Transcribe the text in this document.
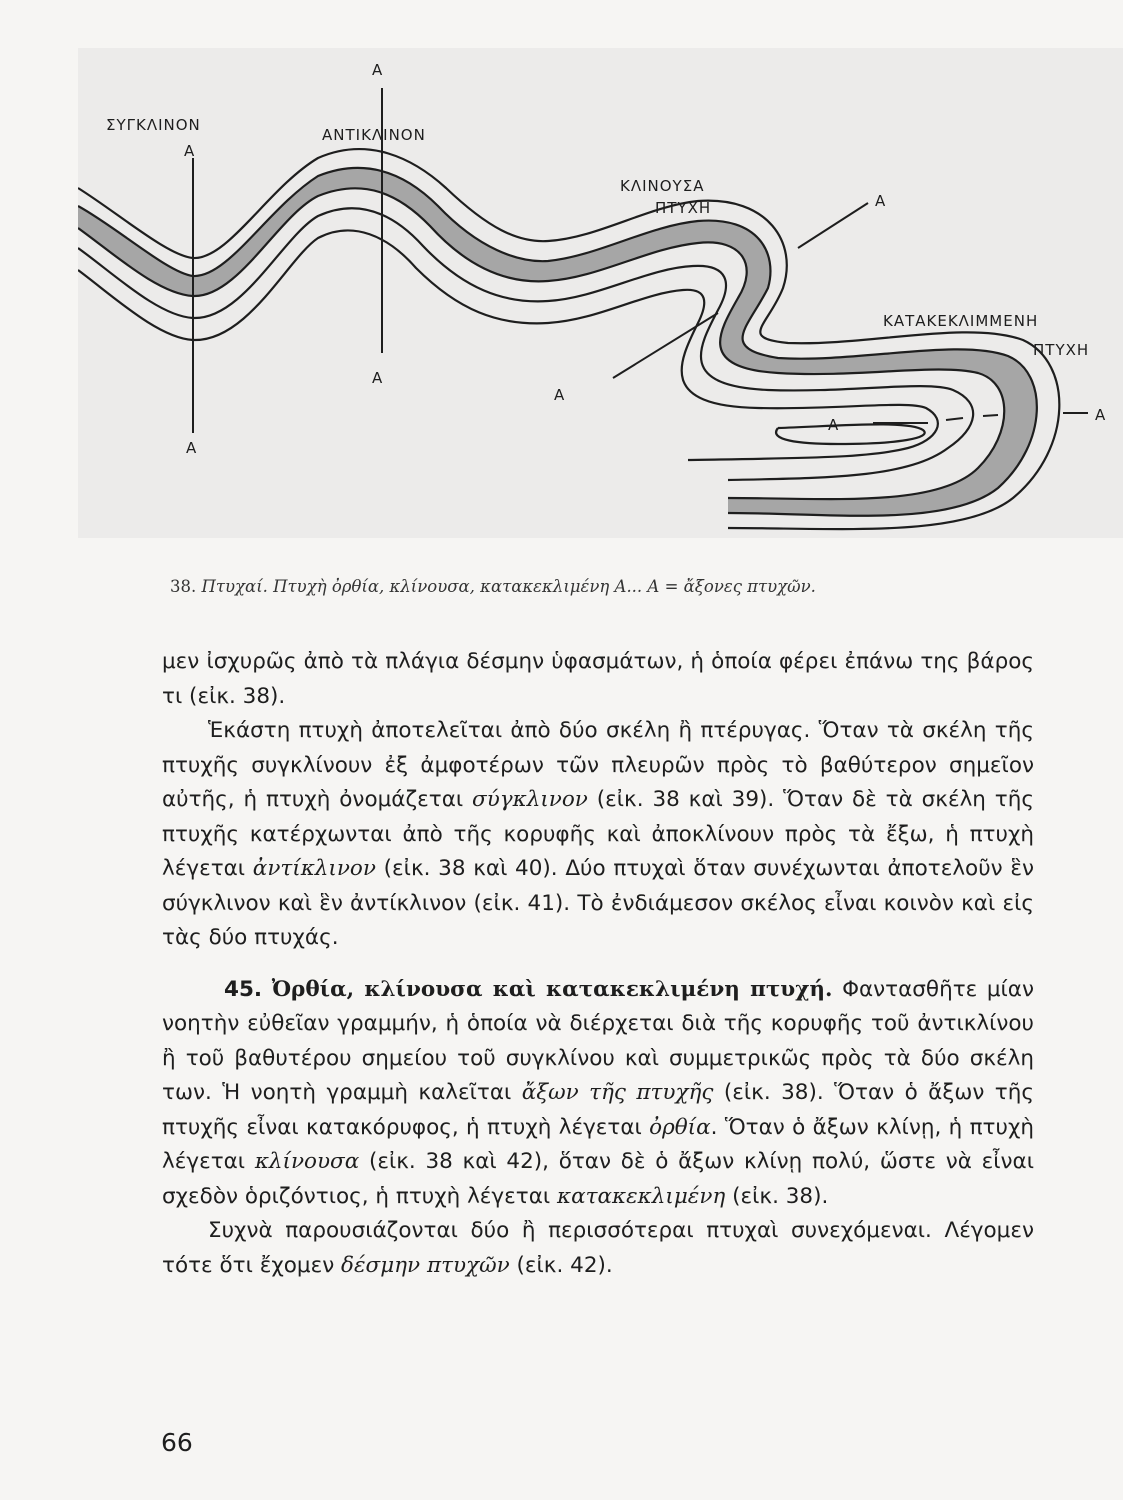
ΣΥΓΚΛΙΝΟΝ
Α
Α
Α
ΑΝΤΙΚΛΙΝΟΝ
Α
ΚΛΙΝΟΥΣΑ
ΠΤΥΧΗ	Α
Α
ΚΑΤΑΚΕΚΛΙΜΜΕΝΗ
ΠΤΥΧΗ
Α
Α
38. Πτυχαί. Πτυχὴ ὀρθία, κλίνουσα, κατακεκλιμένη Α... Α = ἄξονες πτυχῶν.

μεν ἰσχυρῶς ἀπὸ τὰ πλάγια δέσμην ὑφασμάτων, ἡ ὁποία φέρει ἐπάνω της βάρος τι (εἰκ. 38).

Ἑκάστη πτυχὴ ἀποτελεῖται ἀπὸ δύο σκέλη ἢ πτέρυγας. Ὅταν τὰ σκέλη τῆς πτυχῆς συγκλίνουν ἐξ ἀμφοτέρων τῶν πλευρῶν πρὸς τὸ βαθύτερον σημεῖον αὐτῆς, ἡ πτυχὴ ὀνομάζεται σύγκλινον (εἰκ. 38 καὶ 39). Ὅταν δὲ τὰ σκέλη τῆς πτυχῆς κατέρχωνται ἀπὸ τῆς κορυφῆς καὶ ἀποκλίνουν πρὸς τὰ ἔξω, ἡ πτυχὴ λέγεται ἀντίκλινον (εἰκ. 38 καὶ 40). Δύο πτυχαὶ ὅταν συνέχωνται ἀποτελοῦν ἓν σύγκλινον καὶ ἓν ἀντίκλινον (εἰκ. 41). Τὸ ἐνδιάμεσον σκέλος εἶναι κοινὸν καὶ εἰς τὰς δύο πτυχάς.

45. Ὀρθία, κλίνουσα καὶ κατακεκλιμένη πτυχή. Φαντασθῆτε μίαν νοητὴν εὐθεῖαν γραμμήν, ἡ ὁποία νὰ διέρχεται διὰ τῆς κορυφῆς τοῦ ἀντικλίνου ἢ τοῦ βαθυτέρου σημείου τοῦ συγκλίνου καὶ συμμετρικῶς πρὸς τὰ δύο σκέλη των. Ἡ νοητὴ γραμμὴ καλεῖται ἄξων τῆς πτυχῆς (εἰκ. 38). Ὅταν ὁ ἄξων τῆς πτυχῆς εἶναι κατακόρυφος, ἡ πτυχὴ λέγεται ὀρθία. Ὅταν ὁ ἄξων κλίνῃ, ἡ πτυχὴ λέγεται κλίνουσα (εἰκ. 38 καὶ 42), ὅταν δὲ ὁ ἄξων κλίνῃ πολύ, ὥστε νὰ εἶναι σχεδὸν ὁριζόντιος, ἡ πτυχὴ λέγεται κατακεκλιμένη (εἰκ. 38).

Συχνὰ παρουσιάζονται δύο ἢ περισσότεραι πτυχαὶ συνεχόμεναι. Λέγομεν τότε ὅτι ἔχομεν δέσμην πτυχῶν (εἰκ. 42).

66
